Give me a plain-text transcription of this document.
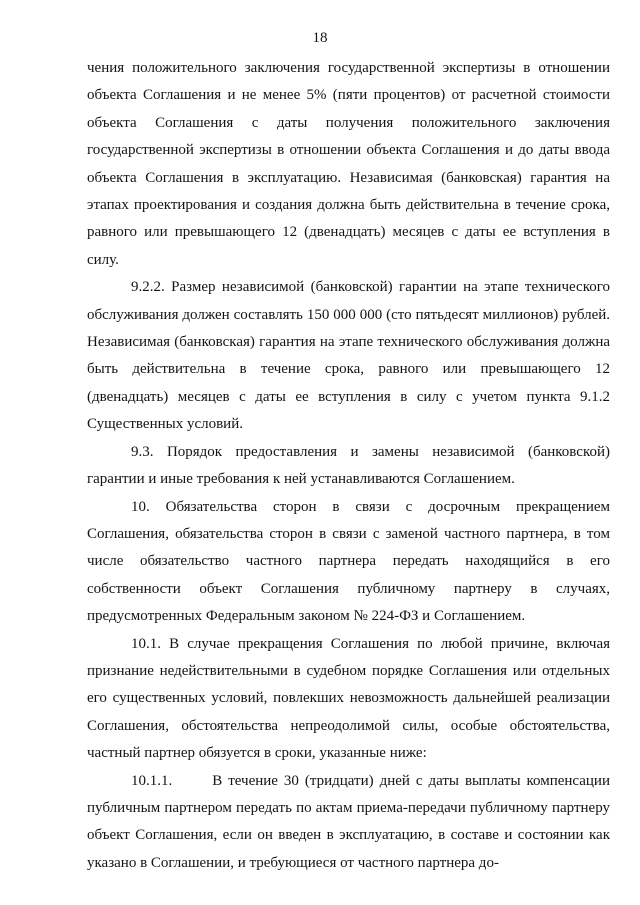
18

чения положительного заключения государственной экспертизы в отношении объекта Соглашения и не менее 5% (пяти процентов) от расчетной стоимости объекта Соглашения с даты получения положительного заключения государственной экспертизы в отношении объекта Соглашения и до даты ввода объекта Соглашения в эксплуатацию. Независимая (банковская) гарантия на этапах проектирования и создания должна быть действительна в течение срока, равного или превышающего 12 (двенадцать) месяцев с даты ее вступления в силу.

9.2.2. Размер независимой (банковской) гарантии на этапе технического обслуживания должен составлять 150 000 000 (сто пятьдесят миллионов) рублей. Независимая (банковская) гарантия на этапе технического обслуживания должна быть действительна в течение срока, равного или превышающего 12 (двенадцать) месяцев с даты ее вступления в силу с учетом пункта 9.1.2 Существенных условий.

9.3. Порядок предоставления и замены независимой (банковской) гарантии и иные требования к ней устанавливаются Соглашением.

10. Обязательства сторон в связи с досрочным прекращением Соглашения, обязательства сторон в связи с заменой частного партнера, в том числе обязательство частного партнера передать находящийся в его собственности объект Соглашения публичному партнеру в случаях, предусмотренных Федеральным законом № 224-ФЗ и Соглашением.

10.1. В случае прекращения Соглашения по любой причине, включая признание недействительными в судебном порядке Соглашения или отдельных его существенных условий, повлекших невозможность дальнейшей реализации Соглашения, обстоятельства непреодолимой силы, особые обстоятельства, частный партнер обязуется в сроки, указанные ниже:

10.1.1.	В течение 30 (тридцати) дней с даты выплаты компенсации публичным партнером передать по актам приема-передачи публичному партнеру объект Соглашения, если он введен в эксплуатацию, в составе и состоянии как указано в Соглашении, и требующиеся от частного партнера до-
